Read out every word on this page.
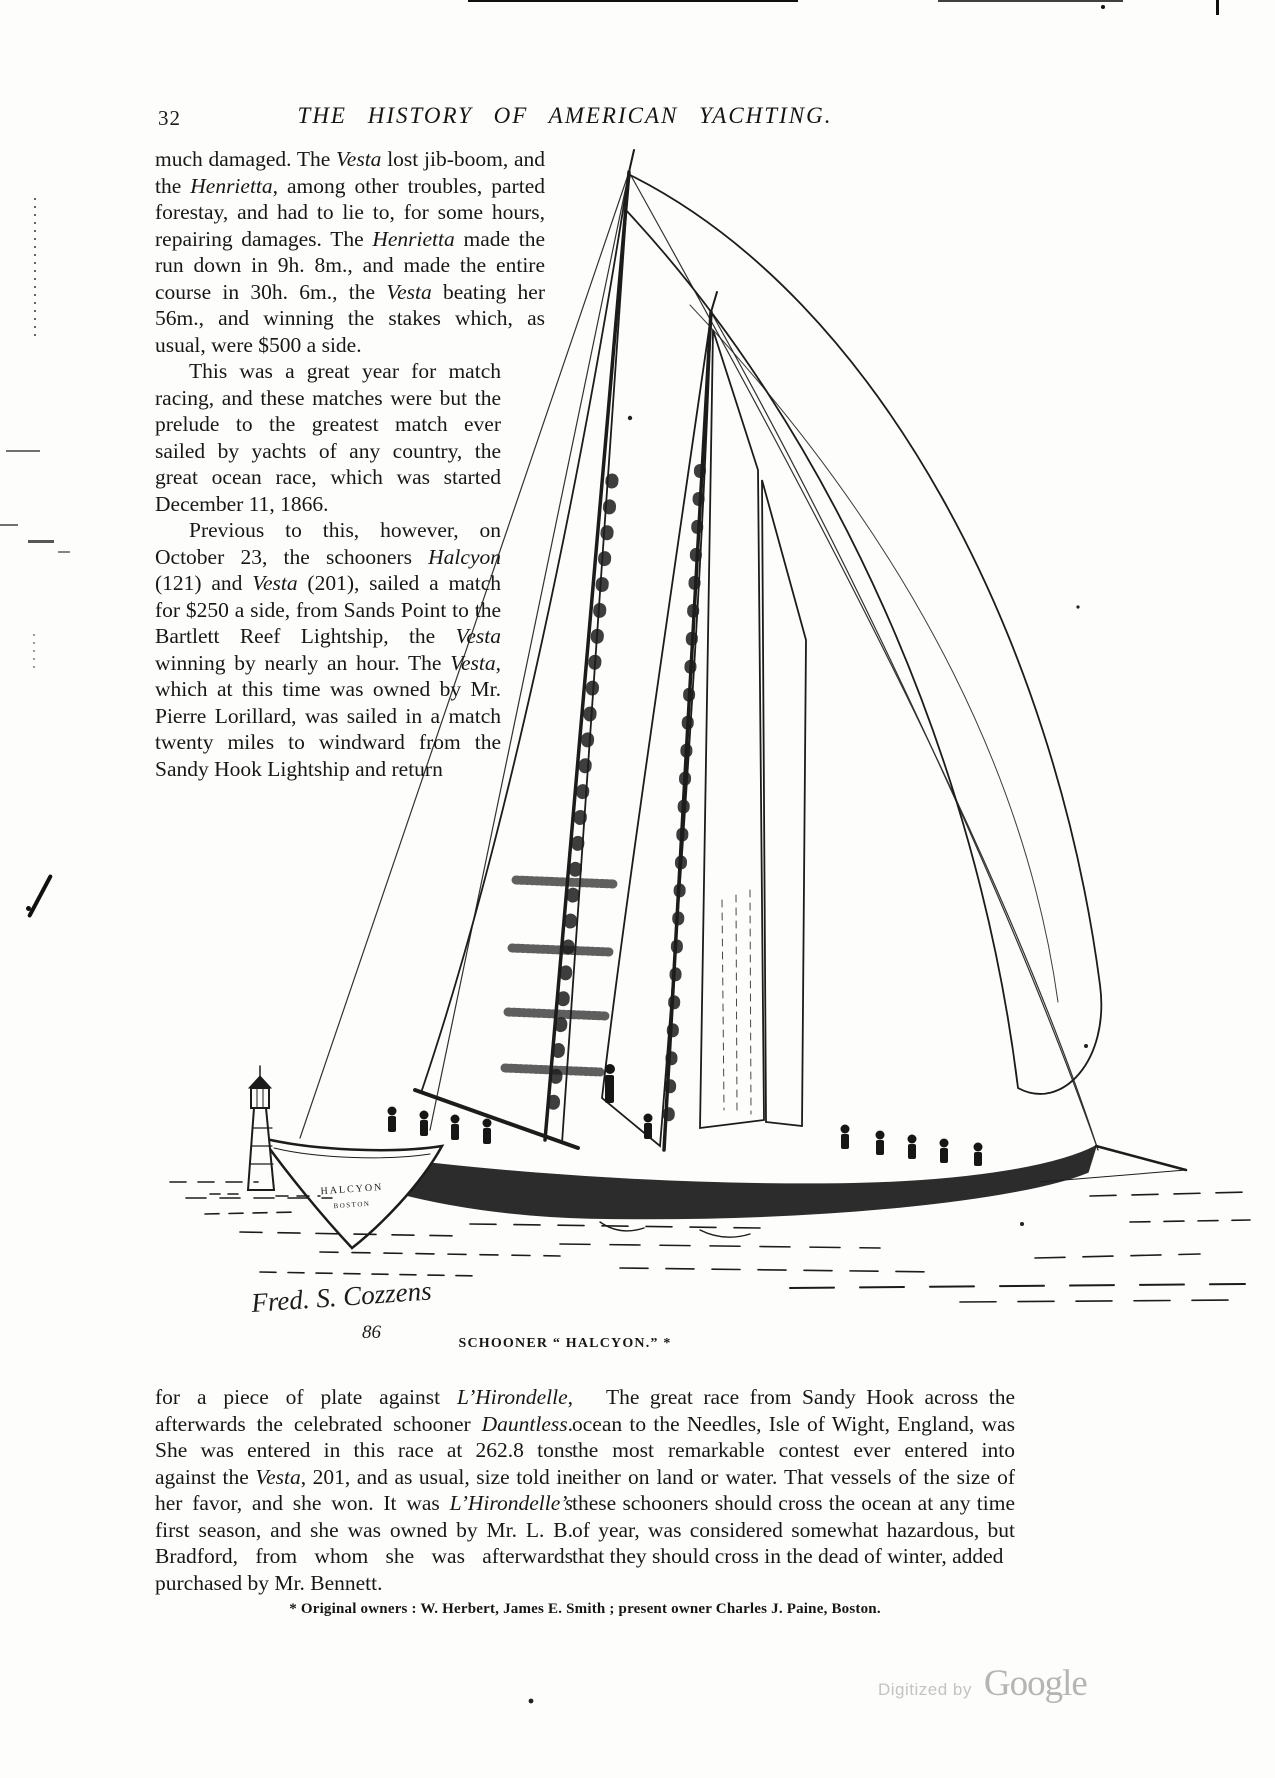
HALCYON
BOSTON
Fred. S. Cozzens
86
32	THE HISTORY OF AMERICAN YACHTING.

much damaged. The Vesta lost jib-boom, and the Henrietta, among other troubles, parted forestay, and had to lie to, for some hours, repairing damages. The Henrietta made the run down in 9h. 8m., and made the entire course in 30h. 6m., the Vesta beating her 56m., and winning the stakes which, as usual, were $500 a side.

This was a great year for match racing, and these matches were but the prelude to the greatest match ever sailed by yachts of any country, the great ocean race, which was started December 11, 1866.

Previous to this, however, on October 23, the schooners Halcyon (121) and Vesta (201), sailed a match for $250 a side, from Sands Point to the Bartlett Reef Lightship, the Vesta winning by nearly an hour. The Vesta, which at this time was owned by Mr. Pierre Lorillard, was sailed in a match twenty miles to windward from the Sandy Hook Lightship and return

SCHOONER “ HALCYON.” *

for a piece of plate against L’Hirondelle, afterwards the celebrated schooner Dauntless. She was entered in this race at 262.8 tons against the Vesta, 201, and as usual, size told in her favor, and she won. It was L’Hirondelle’s first season, and she was owned by Mr. L. B. Bradford, from whom she was afterwards purchased by Mr. Bennett.

The great race from Sandy Hook across the ocean to the Needles, Isle of Wight, England, was the most remarkable contest ever entered into either on land or water. That vessels of the size of these schooners should cross the ocean at any time of year, was considered somewhat hazardous, but that they should cross in the dead of winter, added

* Original owners : W. Herbert, James E. Smith ; present owner Charles J. Paine, Boston.
Digitized by Google
